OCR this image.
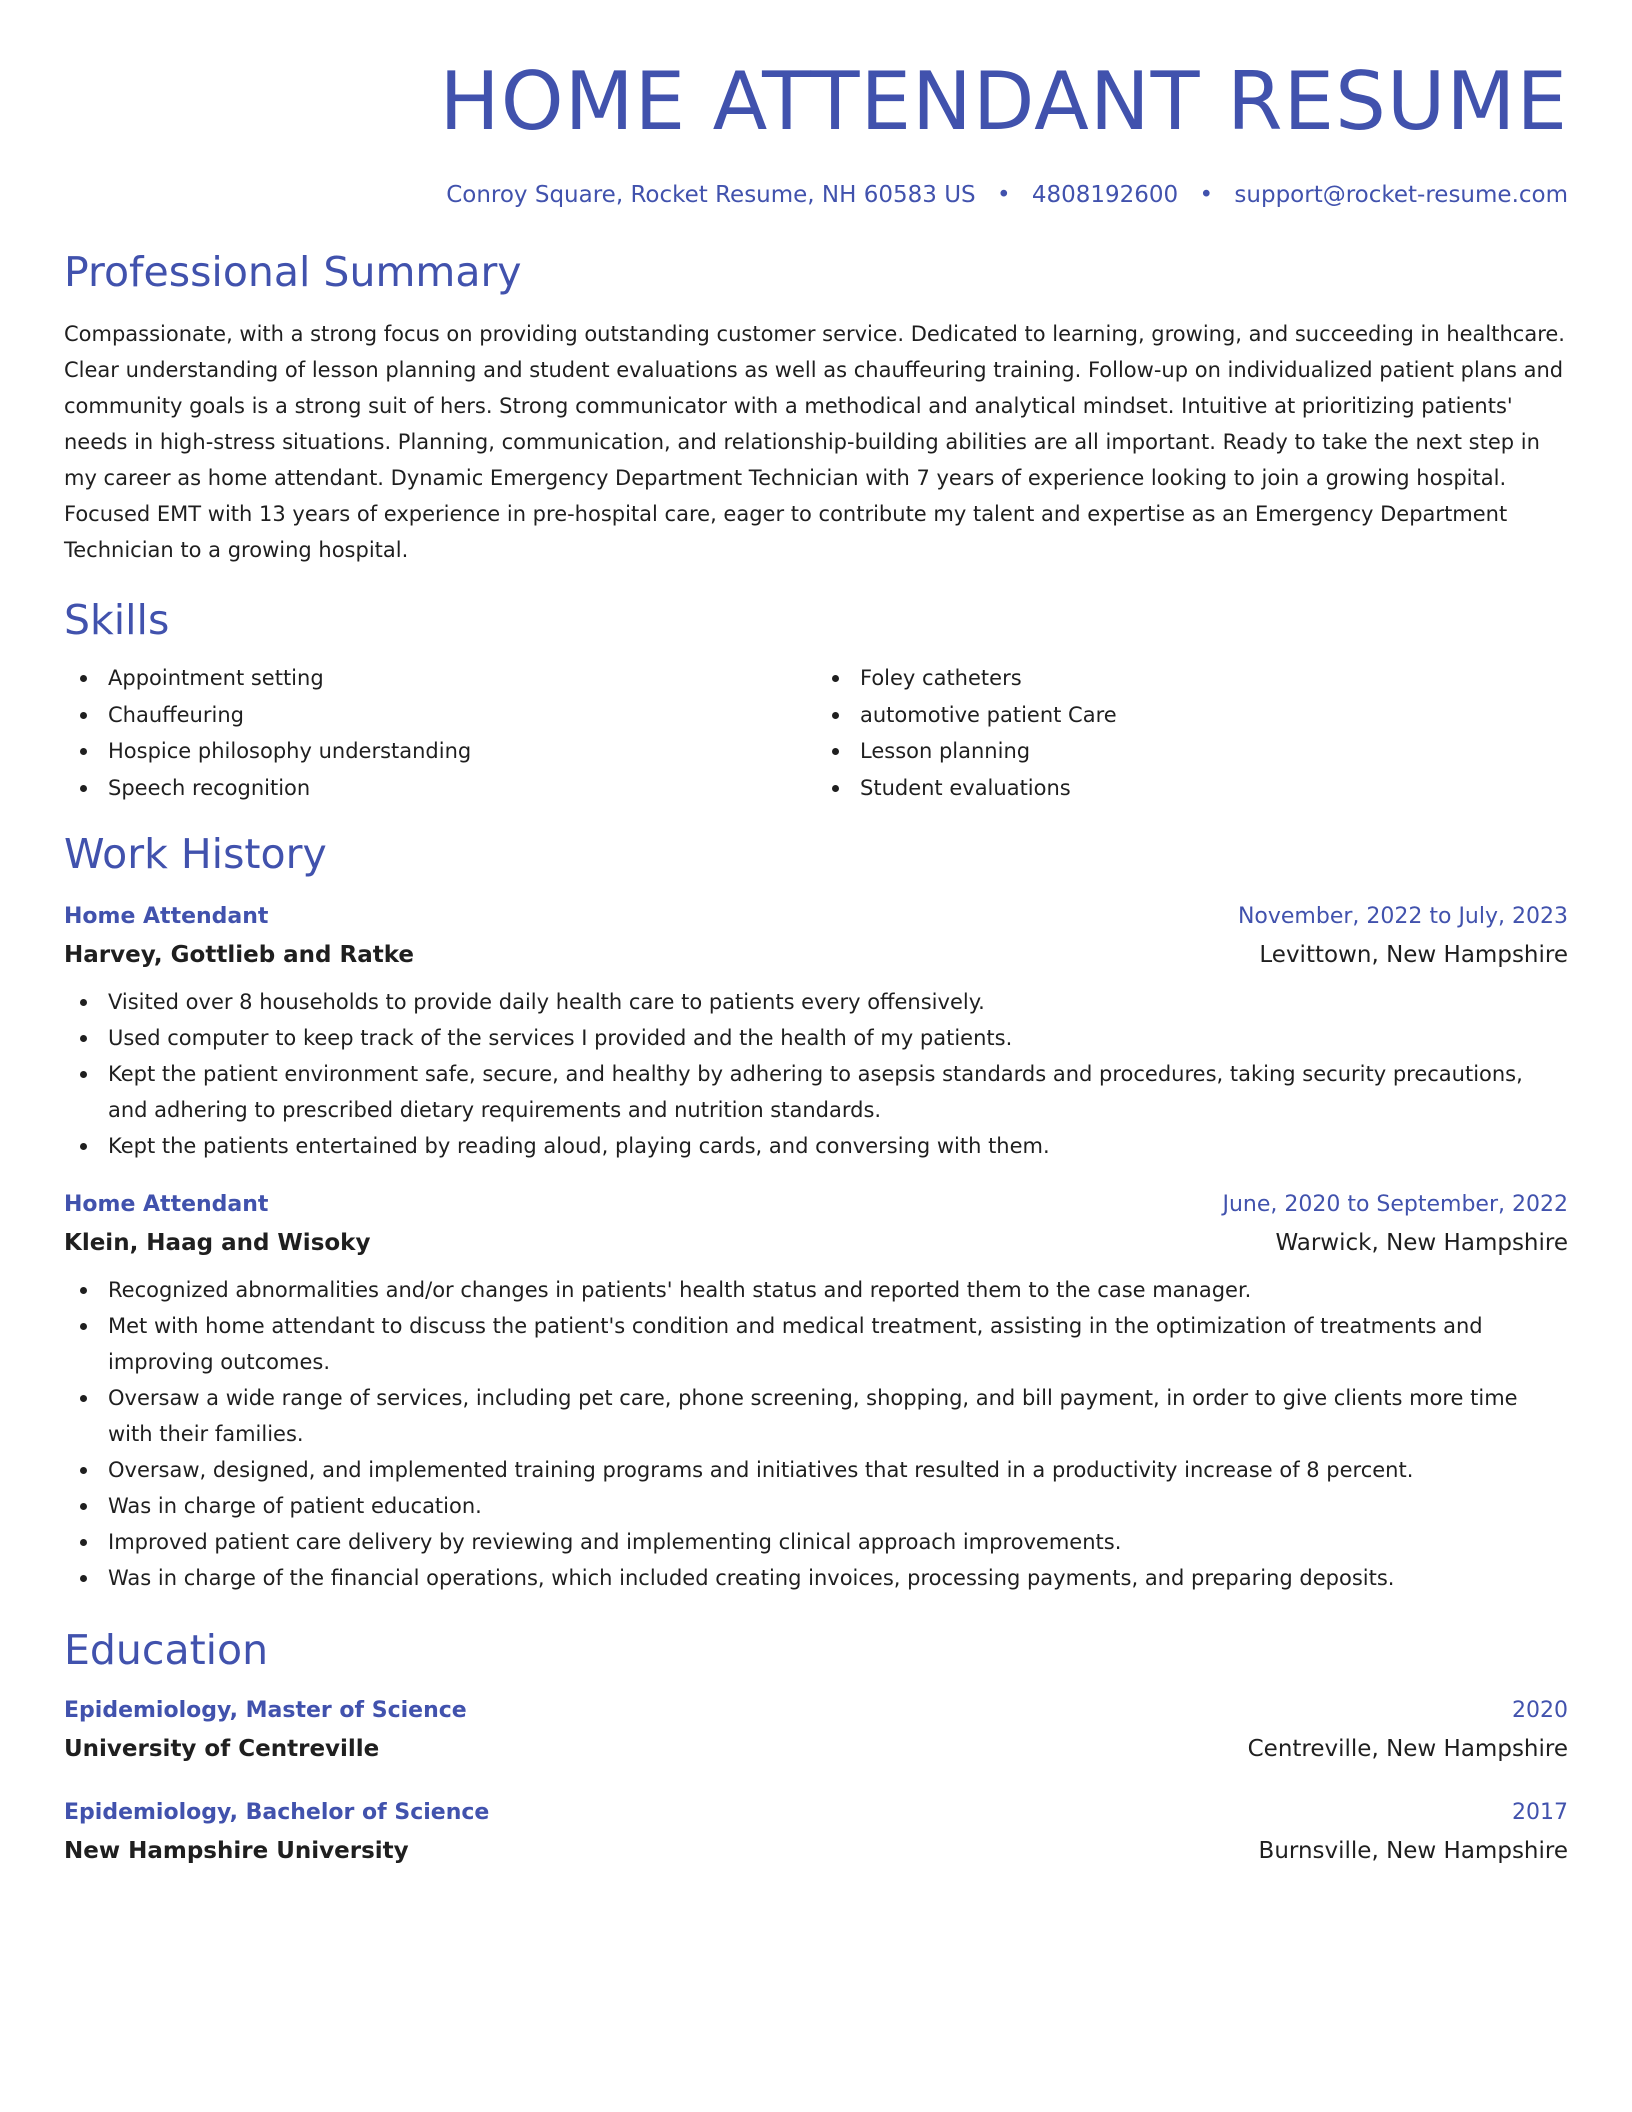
HOME ATTENDANT RESUME
Conroy Square, Rocket Resume, NH 60583 US • 4808192600 • support@rocket-resume.com
Professional Summary

Compassionate, with a strong focus on providing outstanding customer service. Dedicated to learning, growing, and succeeding in healthcare. Clear understanding of lesson planning and student evaluations as well as chauffeuring training. Follow-up on individualized patient plans and community goals is a strong suit of hers. Strong communicator with a methodical and analytical mindset. Intuitive at prioritizing patients' needs in high-stress situations. Planning, communication, and relationship-building abilities are all important. Ready to take the next step in my career as home attendant. Dynamic Emergency Department Technician with 7 years of experience looking to join a growing hospital. Focused EMT with 13 years of experience in pre-hospital care, eager to contribute my talent and expertise as an Emergency Department Technician to a growing hospital.

Skills
Appointment setting
Chauffeuring
Hospice philosophy understanding
Speech recognition
Foley catheters
automotive patient Care
Lesson planning
Student evaluations
Work History
Home Attendant	November, 2022 to July, 2023
Harvey, Gottlieb and Ratke	Levittown, New Hampshire
Visited over 8 households to provide daily health care to patients every offensively.
Used computer to keep track of the services I provided and the health of my patients.
Kept the patient environment safe, secure, and healthy by adhering to asepsis standards and procedures, taking security precautions, and adhering to prescribed dietary requirements and nutrition standards.
Kept the patients entertained by reading aloud, playing cards, and conversing with them.
Home Attendant	June, 2020 to September, 2022
Klein, Haag and Wisoky	Warwick, New Hampshire
Recognized abnormalities and/or changes in patients' health status and reported them to the case manager.
Met with home attendant to discuss the patient's condition and medical treatment, assisting in the optimization of treatments and improving outcomes.
Oversaw a wide range of services, including pet care, phone screening, shopping, and bill payment, in order to give clients more time with their families.
Oversaw, designed, and implemented training programs and initiatives that resulted in a productivity increase of 8 percent.
Was in charge of patient education.
Improved patient care delivery by reviewing and implementing clinical approach improvements.
Was in charge of the financial operations, which included creating invoices, processing payments, and preparing deposits.
Education
Epidemiology, Master of Science	2020
University of Centreville	Centreville, New Hampshire
Epidemiology, Bachelor of Science	2017
New Hampshire University	Burnsville, New Hampshire
